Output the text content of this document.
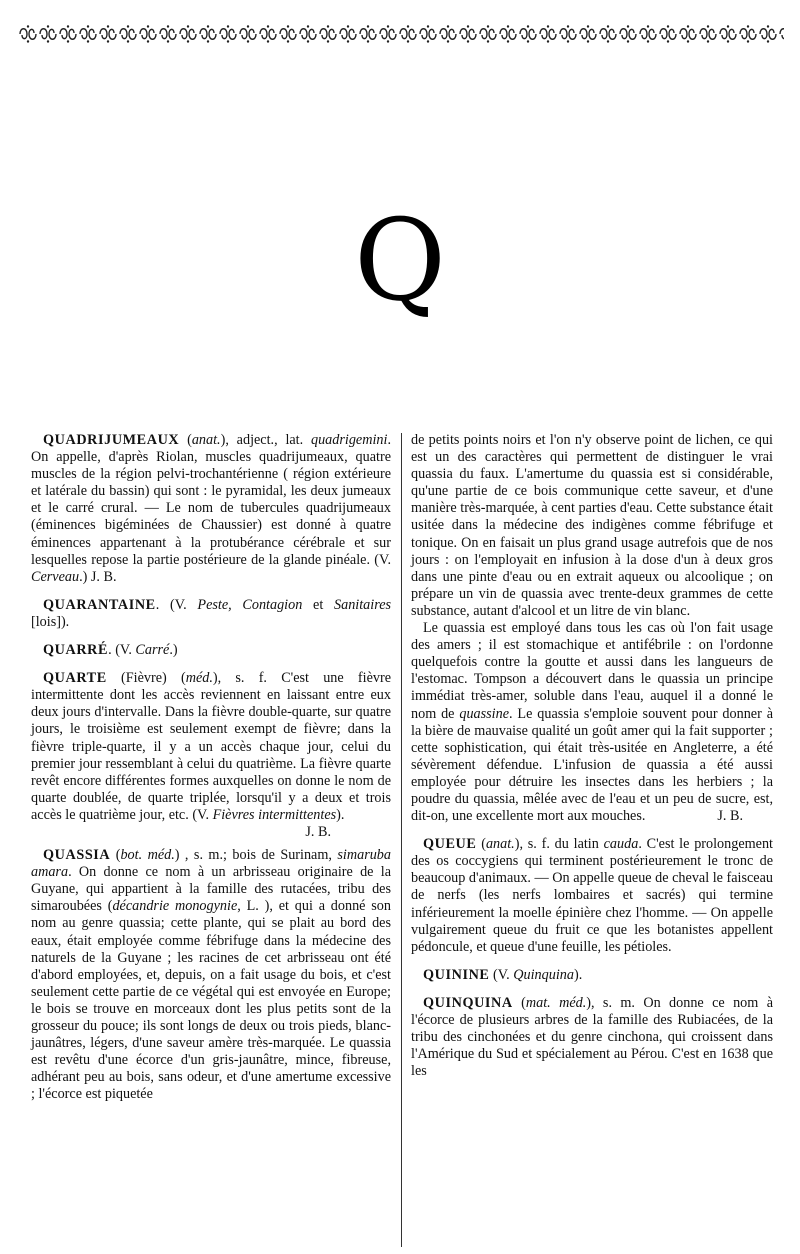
Q
QUADRIJUMEAUX (anat.), adject., lat. quadrigemini. On appelle, d'après Riolan, muscles quadrijumeaux, quatre muscles de la région pelvi-trochantérienne ( région extérieure et latérale du bassin) qui sont : le pyramidal, les deux jumeaux et le carré crural. — Le nom de tubercules quadrijumeaux (éminences bigéminées de Chaussier) est donné à quatre éminences appartenant à la protubérance cérébrale et sur lesquelles repose la partie postérieure de la glande pinéale. (V. Cerveau.) J. B.
QUARANTAINE. (V. Peste, Contagion et Sanitaires [lois]).
QUARRÉ. (V. Carré.)
QUARTE (Fièvre) (méd.), s. f. C'est une fièvre intermittente dont les accès reviennent en laissant entre eux deux jours d'intervalle. Dans la fièvre double-quarte, sur quatre jours, le troisième est seulement exempt de fièvre; dans la fièvre triple-quarte, il y a un accès chaque jour, celui du premier jour ressemblant à celui du quatrième. La fièvre quarte revêt encore différentes formes auxquelles on donne le nom de quarte doublée, de quarte triplée, lorsqu'il y a deux et trois accès le quatrième jour, etc. (V. Fièvres intermittentes).
J. B.
QUASSIA (bot. méd.) , s. m.; bois de Surinam, simaruba amara. On donne ce nom à un arbrisseau originaire de la Guyane, qui appartient à la famille des rutacées, tribu des simaroubées (décandrie monogynie, L. ), et qui a donné son nom au genre quassia; cette plante, qui se plait au bord des eaux, était employée comme fébrifuge dans la médecine des naturels de la Guyane ; les racines de cet arbrisseau ont été d'abord employées, et, depuis, on a fait usage du bois, et c'est seulement cette partie de ce végétal qui est envoyée en Europe; le bois se trouve en morceaux dont les plus petits sont de la grosseur du pouce; ils sont longs de deux ou trois pieds, blanc-jaunâtres, légers, d'une saveur amère très-marquée. Le quassia est revêtu d'une écorce d'un gris-jaunâtre, mince, fibreuse, adhérant peu au bois, sans odeur, et d'une amertume excessive ; l'écorce est piquetée
de petits points noirs et l'on n'y observe point de lichen, ce qui est un des caractères qui permettent de distinguer le vrai quassia du faux. L'amertume du quassia est si considérable, qu'une partie de ce bois communique cette saveur, et d'une manière très-marquée, à cent parties d'eau. Cette substance était usitée dans la médecine des indigènes comme fébrifuge et tonique. On en faisait un plus grand usage autrefois que de nos jours : on l'employait en infusion à la dose d'un à deux gros dans une pinte d'eau ou en extrait aqueux ou alcoolique ; on prépare un vin de quassia avec trente-deux grammes de cette substance, autant d'alcool et un litre de vin blanc.
Le quassia est employé dans tous les cas où l'on fait usage des amers ; il est stomachique et antifébrile : on l'ordonne quelquefois contre la goutte et aussi dans les langueurs de l'estomac. Tompson a découvert dans le quassia un principe immédiat très-amer, soluble dans l'eau, auquel il a donné le nom de quassine. Le quassia s'emploie souvent pour donner à la bière de mauvaise qualité un goût amer qui la fait supporter ; cette sophistication, qui était très-usitée en Angleterre, a été sévèrement défendue. L'infusion de quassia a été aussi employée pour détruire les insectes dans les herbiers ; la poudre du quassia, mêlée avec de l'eau et un peu de sucre, est, dit-on, une excellente mort aux mouches.	J. B.
QUEUE (anat.), s. f. du latin cauda. C'est le prolongement des os coccygiens qui terminent postérieurement le tronc de beaucoup d'animaux. — On appelle queue de cheval le faisceau de nerfs (les nerfs lombaires et sacrés) qui termine inférieurement la moelle épinière chez l'homme. — On appelle vulgairement queue du fruit ce que les botanistes appellent pédoncule, et queue d'une feuille, les pétioles.
QUININE (V. Quinquina).
QUINQUINA (mat. méd.), s. m. On donne ce nom à l'écorce de plusieurs arbres de la famille des Rubiacées, de la tribu des cinchonées et du genre cinchona, qui croissent dans l'Amérique du Sud et spécialement au Pérou. C'est en 1638 que les
